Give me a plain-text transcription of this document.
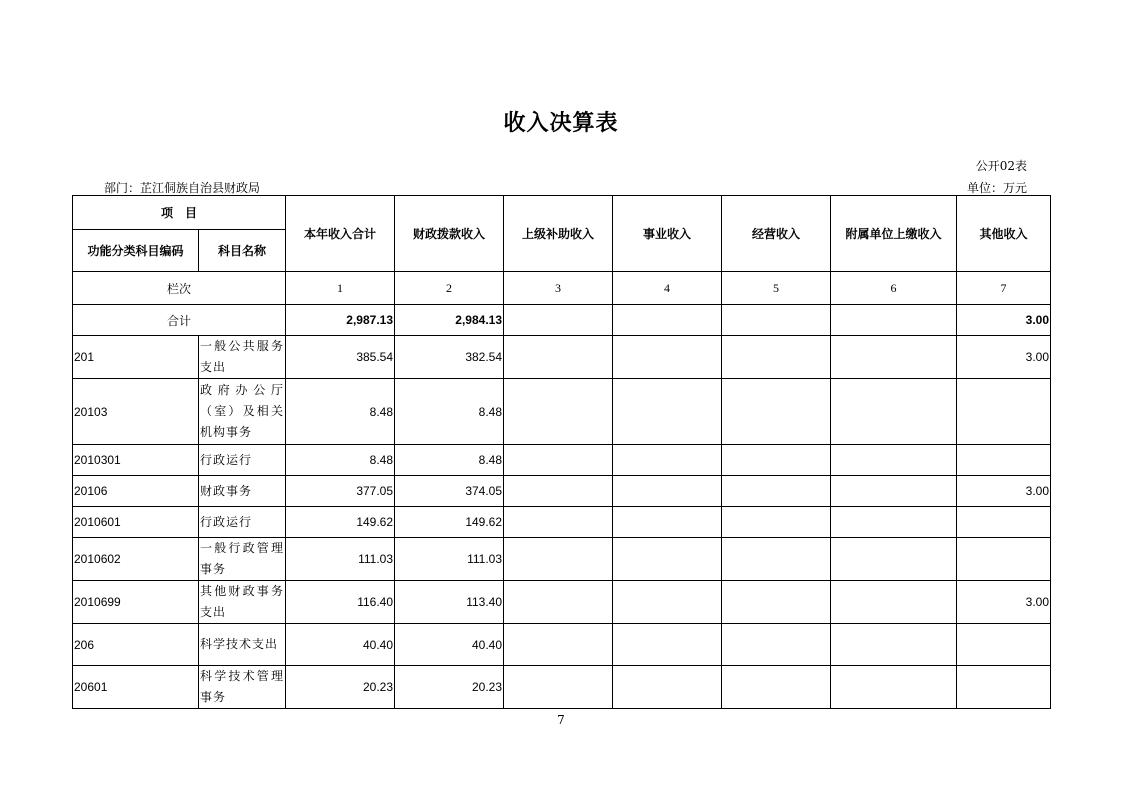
收入决算表
公开02表
部门：芷江侗族自治县财政局	单位：万元
项　目		本年收入合计	财政拨款收入	上级补助收入	事业收入	经营收入	附属单位上缴收入	其他收入
功能分类科目编码	科目名称							
栏次		1	2	3	4	5	6	7
合计		2,987.13	2,984.13					3.00
201	一般公共服务支出	385.54	382.54					3.00
20103	政府办公厅（室）及相关机构事务	8.48	8.48					
2010301	行政运行	8.48	8.48					
20106	财政事务	377.05	374.05					3.00
2010601	行政运行	149.62	149.62					
2010602	一般行政管理事务	111.03	111.03					
2010699	其他财政事务支出	116.40	113.40					3.00
206	科学技术支出	40.40	40.40					
20601	科学技术管理事务	20.23	20.23					
7
